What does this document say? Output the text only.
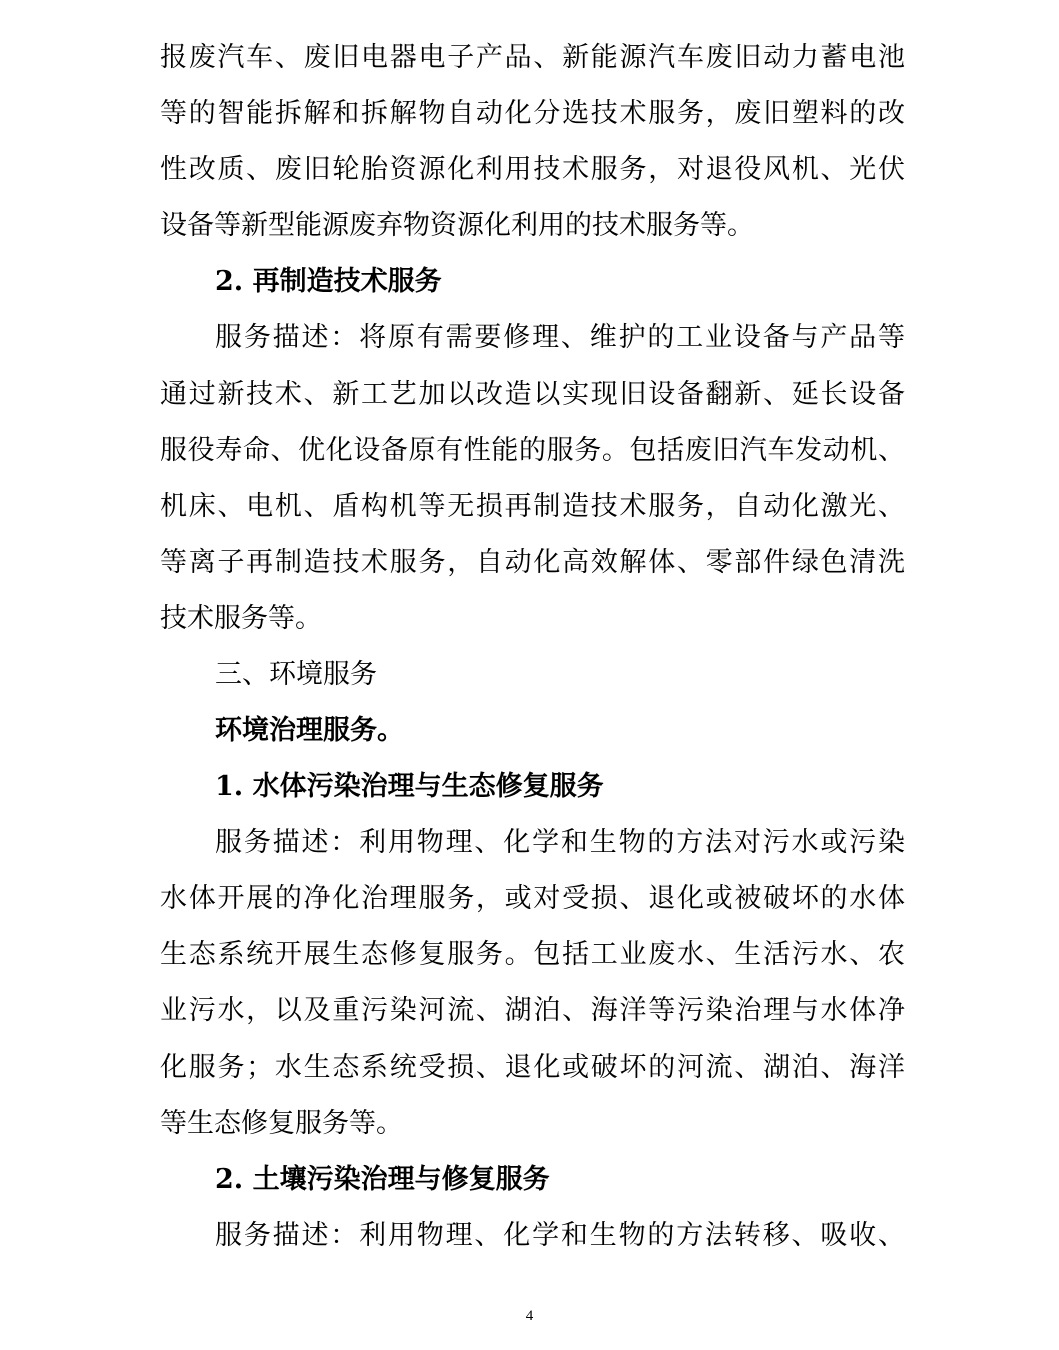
报废汽车、废旧电器电子产品、新能源汽车废旧动力蓄电池
等的智能拆解和拆解物自动化分选技术服务，废旧塑料的改
性改质、废旧轮胎资源化利用技术服务，对退役风机、光伏
设备等新型能源废弃物资源化利用的技术服务等。
2. 再制造技术服务
服务描述：将原有需要修理、维护的工业设备与产品等
通过新技术、新工艺加以改造以实现旧设备翻新、延长设备
服役寿命、优化设备原有性能的服务。包括废旧汽车发动机、
机床、电机、盾构机等无损再制造技术服务，自动化激光、
等离子再制造技术服务，自动化高效解体、零部件绿色清洗
技术服务等。
三、环境服务
环境治理服务。
1. 水体污染治理与生态修复服务
服务描述：利用物理、化学和生物的方法对污水或污染
水体开展的净化治理服务，或对受损、退化或被破坏的水体
生态系统开展生态修复服务。包括工业废水、生活污水、农
业污水，以及重污染河流、湖泊、海洋等污染治理与水体净
化服务；水生态系统受损、退化或破坏的河流、湖泊、海洋
等生态修复服务等。
2. 土壤污染治理与修复服务
服务描述：利用物理、化学和生物的方法转移、吸收、
4
